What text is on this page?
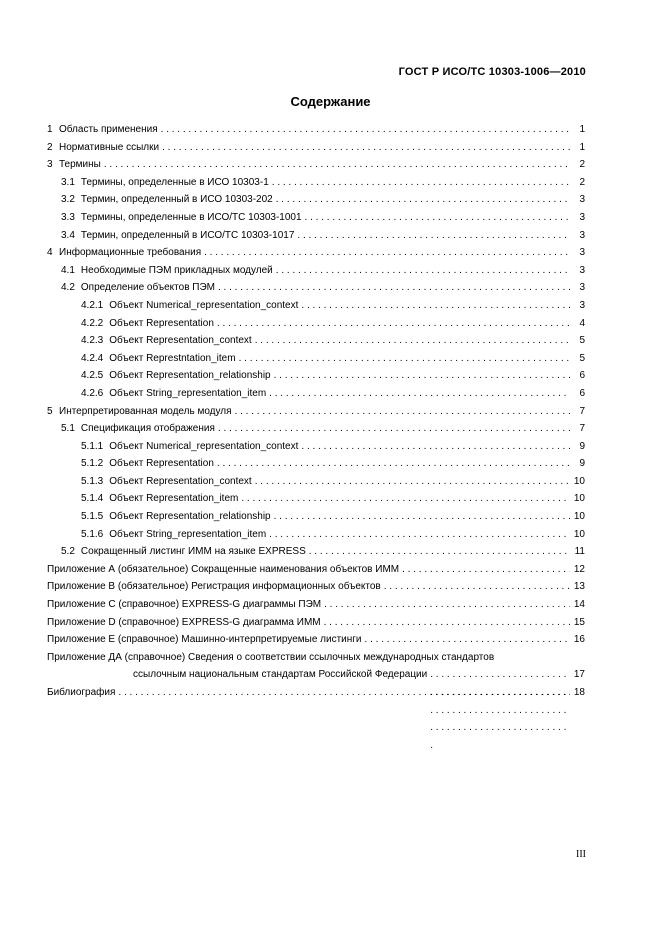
ГОСТ Р ИСО/ТС 10303-1006—2010
Содержание
1 Область применения . . .	1
2 Нормативные ссылки . . .	1
3 Термины . . .	2
3.1 Термины, определенные в ИСО 10303-1 . . .	2
3.2 Термин, определенный в ИСО 10303-202 . . .	3
3.3 Термины, определенные в ИСО/ТС 10303-1001 . . .	3
3.4 Термин, определенный в ИСО/ТС 10303-1017 . . .	3
4 Информационные требования . . .	3
4.1 Необходимые ПЭМ прикладных модулей . . .	3
4.2 Определение объектов ПЭМ . . .	3
4.2.1 Объект Numerical_representation_context . . .	3
4.2.2 Объект Representation . . .	4
4.2.3 Объект Representation_context . . .	5
4.2.4 Объект Represtntation_item . . .	5
4.2.5 Объект Representation_relationship . . .	6
4.2.6 Объект String_representation_item . . .	6
5 Интерпретированная модель модуля . . .	7
5.1 Спецификация отображения . . .	7
5.1.1 Объект Numerical_representation_context . . .	9
5.1.2 Объект Representation . . .	9
5.1.3 Объект Representation_context . . .	10
5.1.4 Объект Representation_item . . .	10
5.1.5 Объект Representation_relationship . . .	10
5.1.6 Объект String_representation_item . . .	10
5.2 Сокращенный листинг ИММ на языке EXPRESS . . .	11
Приложение А (обязательное) Сокращенные наименования объектов ИММ . . .	12
Приложение В (обязательное) Регистрация информационных объектов . . .	13
Приложение С (справочное) EXPRESS-G диаграммы ПЭМ . . .	14
Приложение D (справочное) EXPRESS-G диаграмма ИММ . . .	15
Приложение Е (справочное) Машинно-интерпретируемые листинги . . .	16
Приложение ДА (справочное) Сведения о соответствии ссылочных международных стандартов
ссылочным национальным стандартам Российской Федерации . . .	17
Библиография . . .	18
III
